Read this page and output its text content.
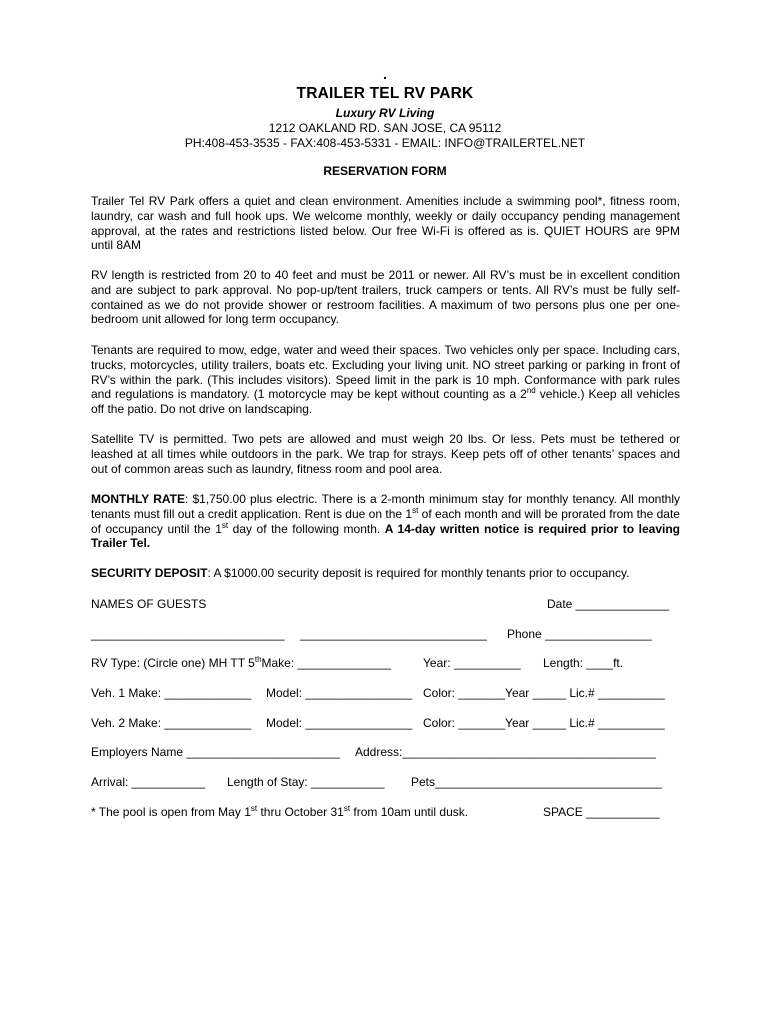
.
TRAILER TEL RV PARK
Luxury RV Living
1212 OAKLAND RD. SAN JOSE, CA 95112
PH:408-453-3535 - FAX:408-453-5331 - EMAIL: INFO@TRAILERTEL.NET
RESERVATION FORM

Trailer Tel RV Park offers a quiet and clean environment. Amenities include a swimming pool*, fitness room, laundry, car wash and full hook ups. We welcome monthly, weekly or daily occupancy pending management approval, at the rates and restrictions listed below. Our free Wi-Fi is offered as is. QUIET HOURS are 9PM until 8AM

RV length is restricted from 20 to 40 feet and must be 2011 or newer. All RV’s must be in excellent condition and are subject to park approval. No pop-up/tent trailers, truck campers or tents. All RV’s must be fully self-contained as we do not provide shower or restroom facilities. A maximum of two persons plus one per one-bedroom unit allowed for long term occupancy.

Tenants are required to mow, edge, water and weed their spaces. Two vehicles only per space. Including cars, trucks, motorcycles, utility trailers, boats etc. Excluding your living unit. NO street parking or parking in front of RV’s within the park. (This includes visitors). Speed limit in the park is 10 mph. Conformance with park rules and regulations is mandatory. (1 motorcycle may be kept without counting as a 2nd vehicle.) Keep all vehicles off the patio. Do not drive on landscaping.

Satellite TV is permitted. Two pets are allowed and must weigh 20 lbs. Or less. Pets must be tethered or leashed at all times while outdoors in the park. We trap for strays. Keep pets off of other tenants’ spaces and out of common areas such as laundry, fitness room and pool area.

MONTHLY RATE: $1,750.00 plus electric. There is a 2-month minimum stay for monthly tenancy. All monthly tenants must fill out a credit application. Rent is due on the 1st of each month and will be prorated from the date of occupancy until the 1st day of the following month. A 14-day written notice is required prior to leaving Trailer Tel.

SECURITY DEPOSIT: A $1000.00 security deposit is required for monthly tenants prior to occupancy.

NAMES OF GUESTS	Date ______________
_____________________________ ____________________________ Phone ________________
RV Type: (Circle one) MH TT 5thMake: ______________	Year: __________ Length: ____ft.
Veh. 1 Make: _____________ Model: ________________ Color: _______Year _____ Lic.# __________
Veh. 2 Make: _____________ Model: ________________ Color: _______Year _____ Lic.# __________
Employers Name _______________________ Address:______________________________________
Arrival: ___________ Length of Stay: ___________ Pets__________________________________
* The pool is open from May 1st thru October 31st from 10am until dusk.	SPACE ___________
